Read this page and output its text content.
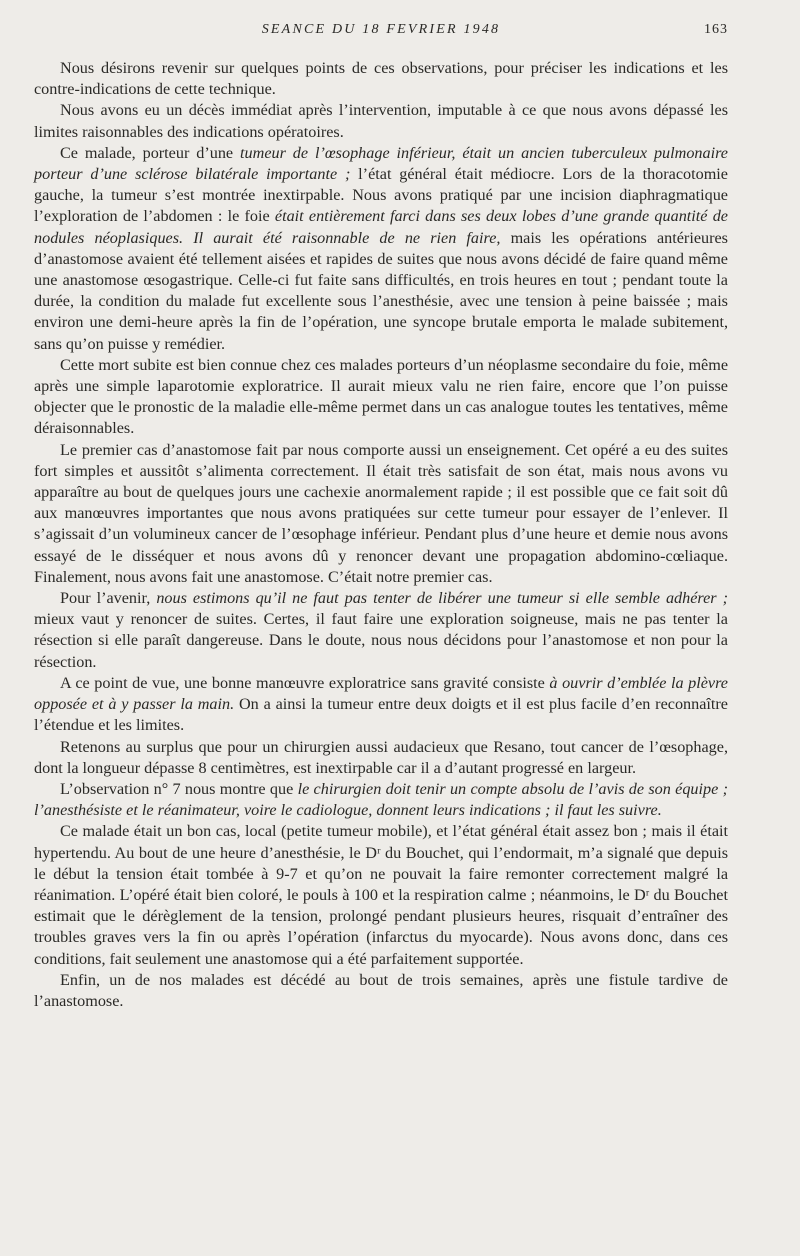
SEANCE DU 18 FEVRIER 1948	163

Nous désirons revenir sur quelques points de ces observations, pour préciser les indications et les contre-indications de cette technique.

Nous avons eu un décès immédiat après l’intervention, imputable à ce que nous avons dépassé les limites raisonnables des indications opératoires.

Ce malade, porteur d’une tumeur de l’œsophage inférieur, était un ancien tuberculeux pulmonaire porteur d’une sclérose bilatérale importante ; l’état général était médiocre. Lors de la thoracotomie gauche, la tumeur s’est montrée inextirpable. Nous avons pratiqué par une incision diaphragmatique l’exploration de l’abdomen : le foie était entièrement farci dans ses deux lobes d’une grande quantité de nodules néoplasiques. Il aurait été raisonnable de ne rien faire, mais les opérations antérieures d’anastomose avaient été tellement aisées et rapides de suites que nous avons décidé de faire quand même une anastomose œsogastrique. Celle-ci fut faite sans difficultés, en trois heures en tout ; pendant toute la durée, la condition du malade fut excellente sous l’anesthésie, avec une tension à peine baissée ; mais environ une demi-heure après la fin de l’opération, une syncope brutale emporta le malade subitement, sans qu’on puisse y remédier.

Cette mort subite est bien connue chez ces malades porteurs d’un néoplasme secondaire du foie, même après une simple laparotomie exploratrice. Il aurait mieux valu ne rien faire, encore que l’on puisse objecter que le pronostic de la maladie elle-même permet dans un cas analogue toutes les tentatives, même déraisonnables.

Le premier cas d’anastomose fait par nous comporte aussi un enseignement. Cet opéré a eu des suites fort simples et aussitôt s’alimenta correctement. Il était très satisfait de son état, mais nous avons vu apparaître au bout de quelques jours une cachexie anormalement rapide ; il est possible que ce fait soit dû aux manœuvres importantes que nous avons pratiquées sur cette tumeur pour essayer de l’enlever. Il s’agissait d’un volumineux cancer de l’œsophage inférieur. Pendant plus d’une heure et demie nous avons essayé de le disséquer et nous avons dû y renoncer devant une propagation abdomino-cœliaque. Finalement, nous avons fait une anastomose. C’était notre premier cas.

Pour l’avenir, nous estimons qu’il ne faut pas tenter de libérer une tumeur si elle semble adhérer ; mieux vaut y renoncer de suites. Certes, il faut faire une exploration soigneuse, mais ne pas tenter la résection si elle paraît dangereuse. Dans le doute, nous nous décidons pour l’anastomose et non pour la résection.

A ce point de vue, une bonne manœuvre exploratrice sans gravité consiste à ouvrir d’emblée la plèvre opposée et à y passer la main. On a ainsi la tumeur entre deux doigts et il est plus facile d’en reconnaître l’étendue et les limites.

Retenons au surplus que pour un chirurgien aussi audacieux que Resano, tout cancer de l’œsophage, dont la longueur dépasse 8 centimètres, est inextirpable car il a d’autant progressé en largeur.

L’observation n° 7 nous montre que le chirurgien doit tenir un compte absolu de l’avis de son équipe ; l’anesthésiste et le réanimateur, voire le cadiologue, donnent leurs indications ; il faut les suivre.

Ce malade était un bon cas, local (petite tumeur mobile), et l’état général était assez bon ; mais il était hypertendu. Au bout de une heure d’anesthésie, le Dʳ du Bouchet, qui l’endormait, m’a signalé que depuis le début la tension était tombée à 9-7 et qu’on ne pouvait la faire remonter correctement malgré la réanimation. L’opéré était bien coloré, le pouls à 100 et la respiration calme ; néanmoins, le Dʳ du Bouchet estimait que le dérèglement de la tension, prolongé pendant plusieurs heures, risquait d’entraîner des troubles graves vers la fin ou après l’opération (infarctus du myocarde). Nous avons donc, dans ces conditions, fait seulement une anastomose qui a été parfaitement supportée.

Enfin, un de nos malades est décédé au bout de trois semaines, après une fistule tardive de l’anastomose.
